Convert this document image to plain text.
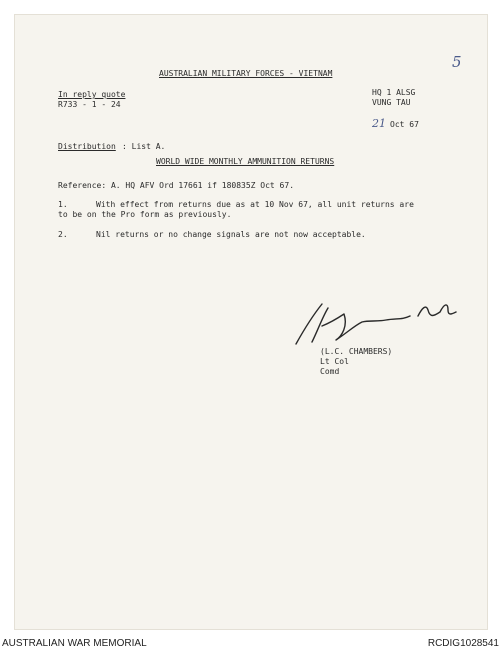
5
AUSTRALIAN MILITARY FORCES - VIETNAM
In reply quote
R733 - 1 - 24
HQ 1 ALSG
VUNG TAU
21 Oct 67
Distribution : List A.
WORLD WIDE MONTHLY AMMUNITION RETURNS
Reference: A. HQ AFV Ord 17661 if 180835Z Oct 67.
1.	With effect from returns due as at 10 Nov 67, all unit returns are
to be on the Pro form as previously.
2.	Nil returns or no change signals are not now acceptable.
(L.C. CHAMBERS)
Lt Col
Comd
AUSTRALIAN WAR MEMORIAL	RCDIG1028541
